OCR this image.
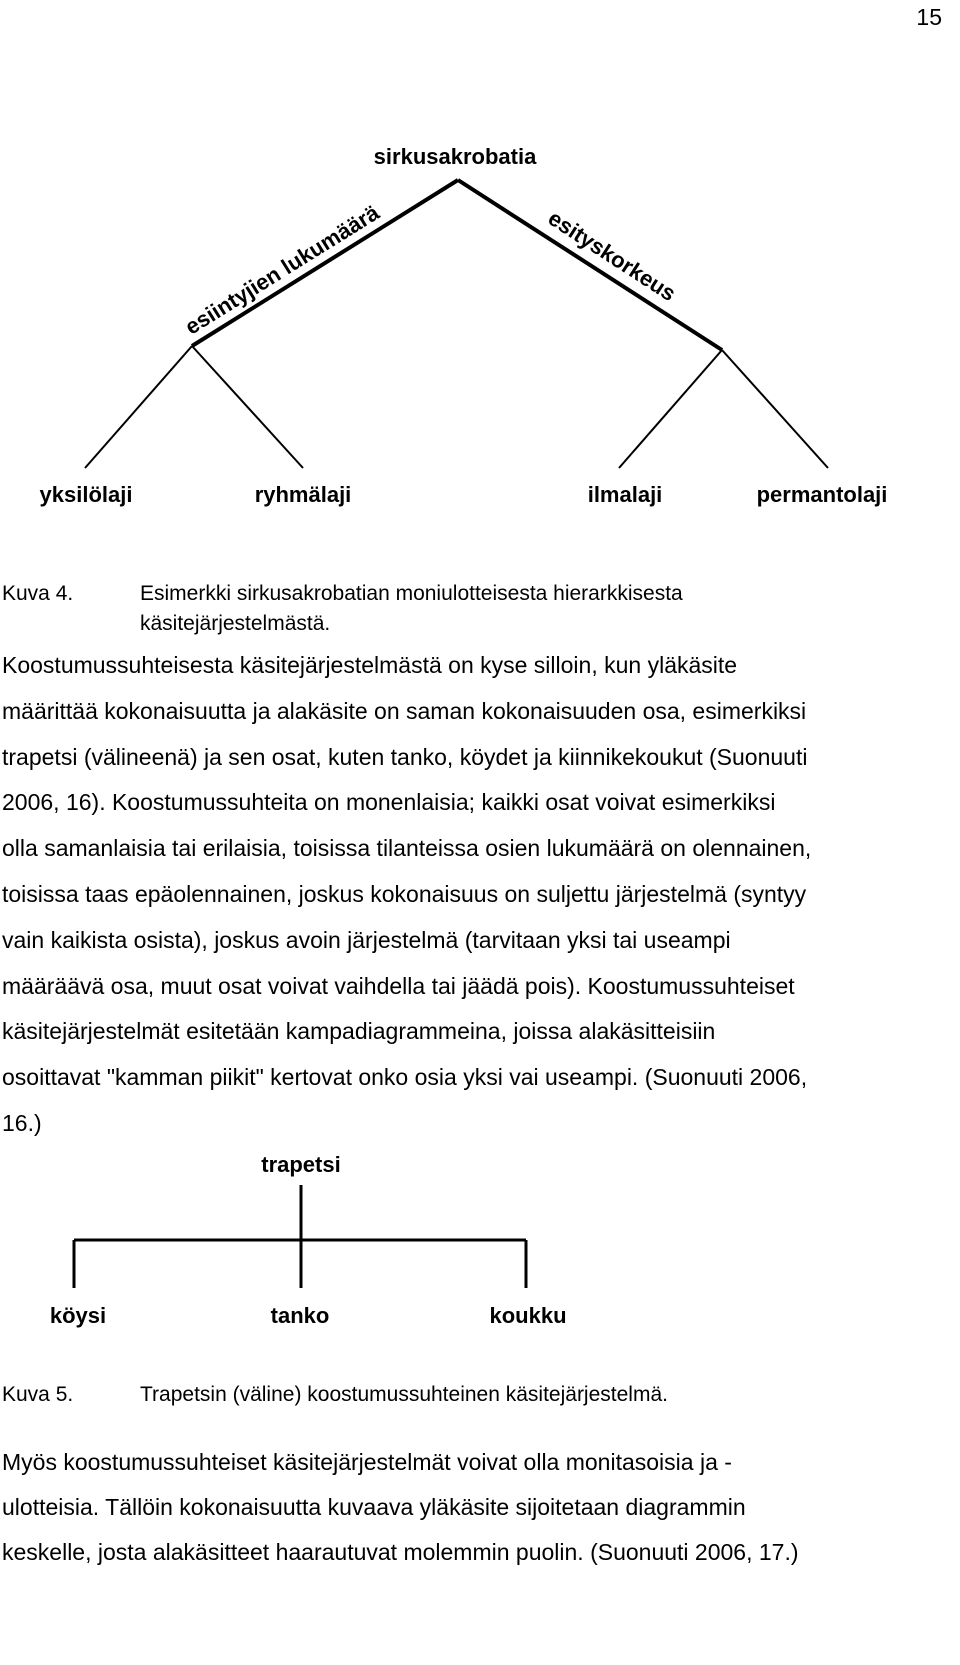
15
sirkusakrobatia
esiintyjien lukumäärä	esityskorkeus
yksilölaji	ryhmälaji	ilmalaji	permantolaji
Kuva 4.	Esimerkki sirkusakrobatian moniulotteisesta hierarkkisesta
käsitejärjestelmästä.
Koostumussuhteisesta käsitejärjestelmästä on kyse silloin, kun yläkäsite
määrittää kokonaisuutta ja alakäsite on saman kokonaisuuden osa, esimerkiksi
trapetsi (välineenä) ja sen osat, kuten tanko, köydet ja kiinnikekoukut (Suonuuti
2006, 16). Koostumussuhteita on monenlaisia; kaikki osat voivat esimerkiksi
olla samanlaisia tai erilaisia, toisissa tilanteissa osien lukumäärä on olennainen,
toisissa taas epäolennainen, joskus kokonaisuus on suljettu järjestelmä (syntyy
vain kaikista osista), joskus avoin järjestelmä (tarvitaan yksi tai useampi
määräävä osa, muut osat voivat vaihdella tai jäädä pois). Koostumussuhteiset
käsitejärjestelmät esitetään kampadiagrammeina, joissa alakäsitteisiin
osoittavat "kamman piikit" kertovat onko osia yksi vai useampi. (Suonuuti 2006,
16.)
trapetsi
köysi	tanko	koukku
Kuva 5.	Trapetsin (väline) koostumussuhteinen käsitejärjestelmä.
Myös koostumussuhteiset käsitejärjestelmät voivat olla monitasoisia ja -
ulotteisia. Tällöin kokonaisuutta kuvaava yläkäsite sijoitetaan diagrammin
keskelle, josta alakäsitteet haarautuvat molemmin puolin. (Suonuuti 2006, 17.)
